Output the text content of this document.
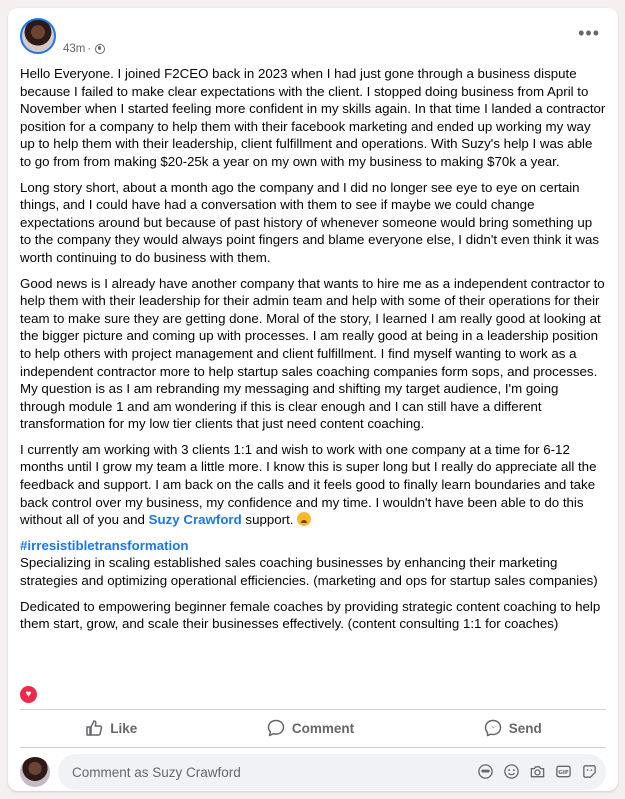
43m ·
•••

Hello Everyone. I joined F2CEO back in 2023 when I had just gone through a business dispute because I failed to make clear expectations with the client. I stopped doing business from April to November when I started feeling more confident in my skills again. In that time I landed a contractor position for a company to help them with their facebook marketing and ended up working my way up to help them with their leadership, client fulfillment and operations. With Suzy's help I was able to go from from making $20-25k a year on my own with my business to making $70k a year.

Long story short, about a month ago the company and I did no longer see eye to eye on certain things, and I could have had a conversation with them to see if maybe we could change expectations around but because of past history of whenever someone would bring something up to the company they would always point fingers and blame everyone else, I didn't even think it was worth continuing to do business with them.

Good news is I already have another company that wants to hire me as a independent contractor to help them with their leadership for their admin team and help with some of their operations for their team to make sure they are getting done. Moral of the story, I learned I am really good at looking at the bigger picture and coming up with processes. I am really good at being in a leadership position to help others with project management and client fulfillment. I find myself wanting to work as a independent contractor more to help startup sales coaching companies form sops, and processes. My question is as I am rebranding my messaging and shifting my target audience, I'm going through module 1 and am wondering if this is clear enough and I can still have a different transformation for my low tier clients that just need content coaching.

I currently am working with 3 clients 1:1 and wish to work with one company at a time for 6-12 months until I grow my team a little more. I know this is super long but I really do appreciate all the feedback and support. I am back on the calls and it feels good to finally learn boundaries and take back control over my business, my confidence and my time. I wouldn't have been able to do this without all of you and Suzy Crawford support.

#irresistibletransformation

Specializing in scaling established sales coaching businesses by enhancing their marketing strategies and optimizing operational efficiencies. (marketing and ops for startup sales companies)

Dedicated to empowering beginner female coaches by providing strategic content coaching to help them start, grow, and scale their businesses effectively. (content consulting 1:1 for coaches)

♥
Like	Comment	Send
Comment as Suzy Crawford	GIF
